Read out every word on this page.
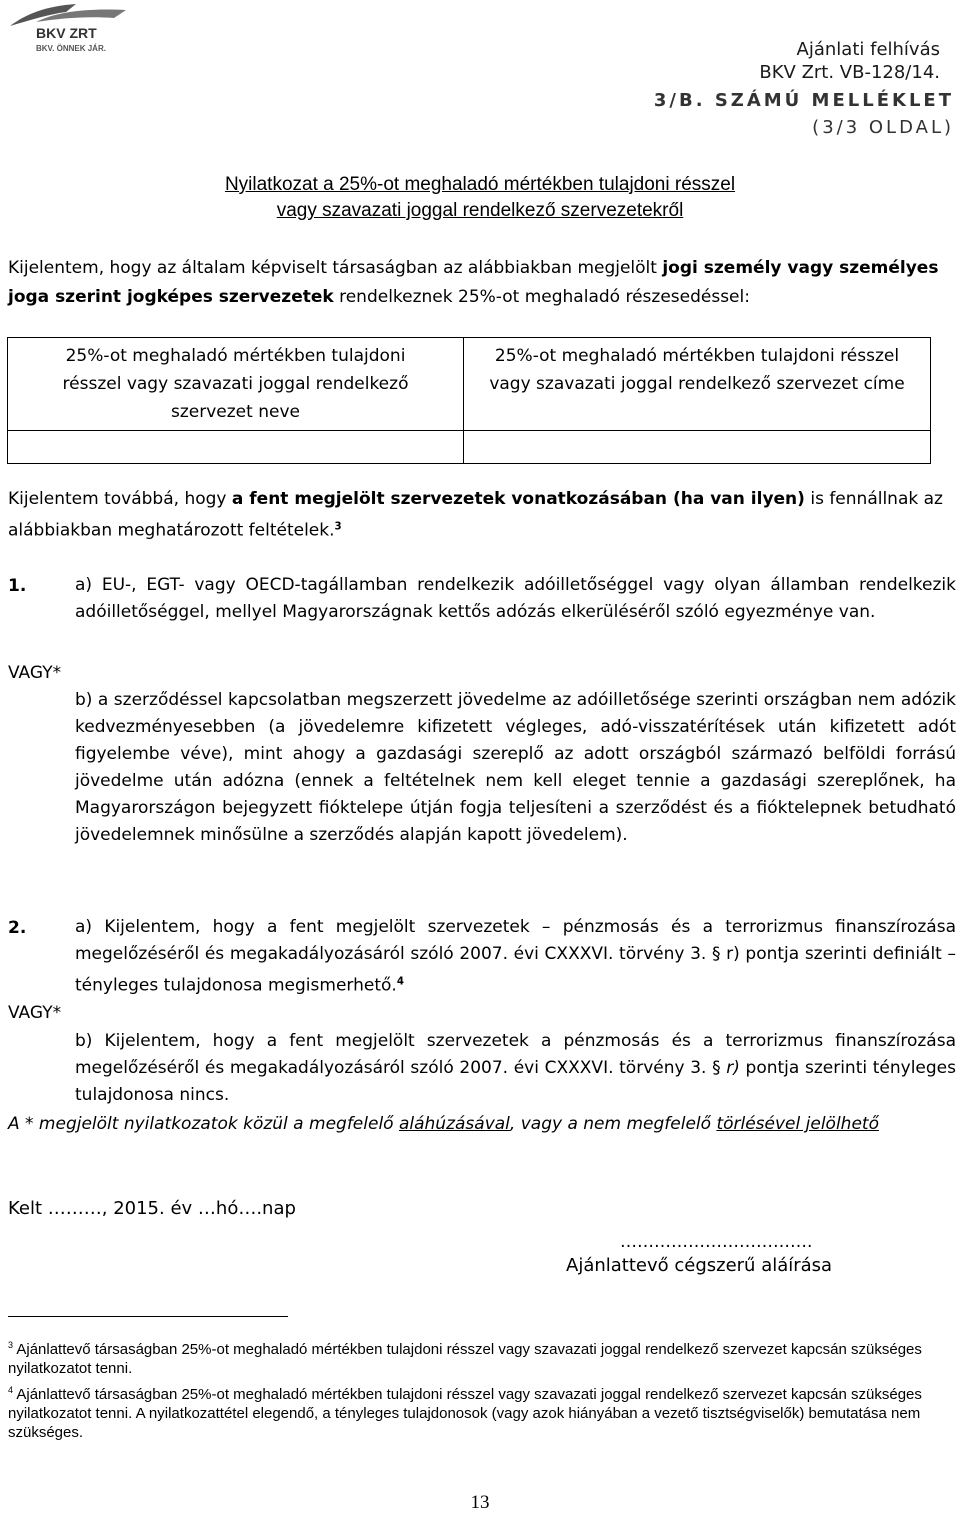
BKV ZRT
BKV. ÖNNEK JÁR.	Ajánlati felhívás
BKV Zrt. VB-128/14.
3/B. SZÁMÚ MELLÉKLET
(3/3 OLDAL)
Nyilatkozat a 25%-ot meghaladó mértékben tulajdoni résszel
vagy szavazati joggal rendelkező szervezetekről
Kijelentem, hogy az általam képviselt társaságban az alábbiakban megjelölt jogi személy vagy személyes joga szerint jogképes szervezetek rendelkeznek 25%-ot meghaladó részesedéssel:
25%-ot meghaladó mértékben tulajdoni résszel vagy szavazati joggal rendelkező szervezet neve	25%-ot meghaladó mértékben tulajdoni résszel vagy szavazati joggal rendelkező szervezet címe

Kijelentem továbbá, hogy a fent megjelölt szervezetek vonatkozásában (ha van ilyen) is fennállnak az alábbiakban meghatározott feltételek.$^3$
1.	a) EU-, EGT- vagy OECD-tagállamban rendelkezik adóilletőséggel vagy olyan államban rendelkezik adóilletőséggel, mellyel Magyarországnak kettős adózás elkerüléséről szóló egyezménye van.
VAGY*
b) a szerződéssel kapcsolatban megszerzett jövedelme az adóilletősége szerinti országban nem adózik kedvezményesebben (a jövedelemre kifizetett végleges, adó-visszatérítések után kifizetett adót figyelembe véve), mint ahogy a gazdasági szereplő az adott országból származó belföldi forrású jövedelme után adózna (ennek a feltételnek nem kell eleget tennie a gazdasági szereplőnek, ha Magyarországon bejegyzett fióktelepe útján fogja teljesíteni a szerződést és a fióktelepnek betudható jövedelemnek minősülne a szerződés alapján kapott jövedelem).
2.	a) Kijelentem, hogy a fent megjelölt szervezetek – pénzmosás és a terrorizmus finanszírozása megelőzéséről és megakadályozásáról szóló 2007. évi CXXXVI. törvény 3. § r) pontja szerinti definiált – tényleges tulajdonosa megismerhető.$^4$
VAGY*
b) Kijelentem, hogy a fent megjelölt szervezetek a pénzmosás és a terrorizmus finanszírozása megelőzéséről és megakadályozásáról szóló 2007. évi CXXXVI. törvény 3. § r) pontja szerinti tényleges tulajdonosa nincs.
A * megjelölt nyilatkozatok közül a megfelelő aláhúzásával, vagy a nem megfelelő törlésével jelölhető
Kelt ………, 2015. év …hó….nap
…………………………….
Ajánlattevő cégszerű aláírása
$^3$ Ajánlattevő társaságban 25%-ot meghaladó mértékben tulajdoni résszel vagy szavazati joggal rendelkező szervezet kapcsán szükséges nyilatkozatot tenni.
$^4$ Ajánlattevő társaságban 25%-ot meghaladó mértékben tulajdoni résszel vagy szavazati joggal rendelkező szervezet kapcsán szükséges nyilatkozatot tenni. A nyilatkozattétel elegendő, a tényleges tulajdonosok (vagy azok hiányában a vezető tisztségviselők) bemutatása nem szükséges.
13
